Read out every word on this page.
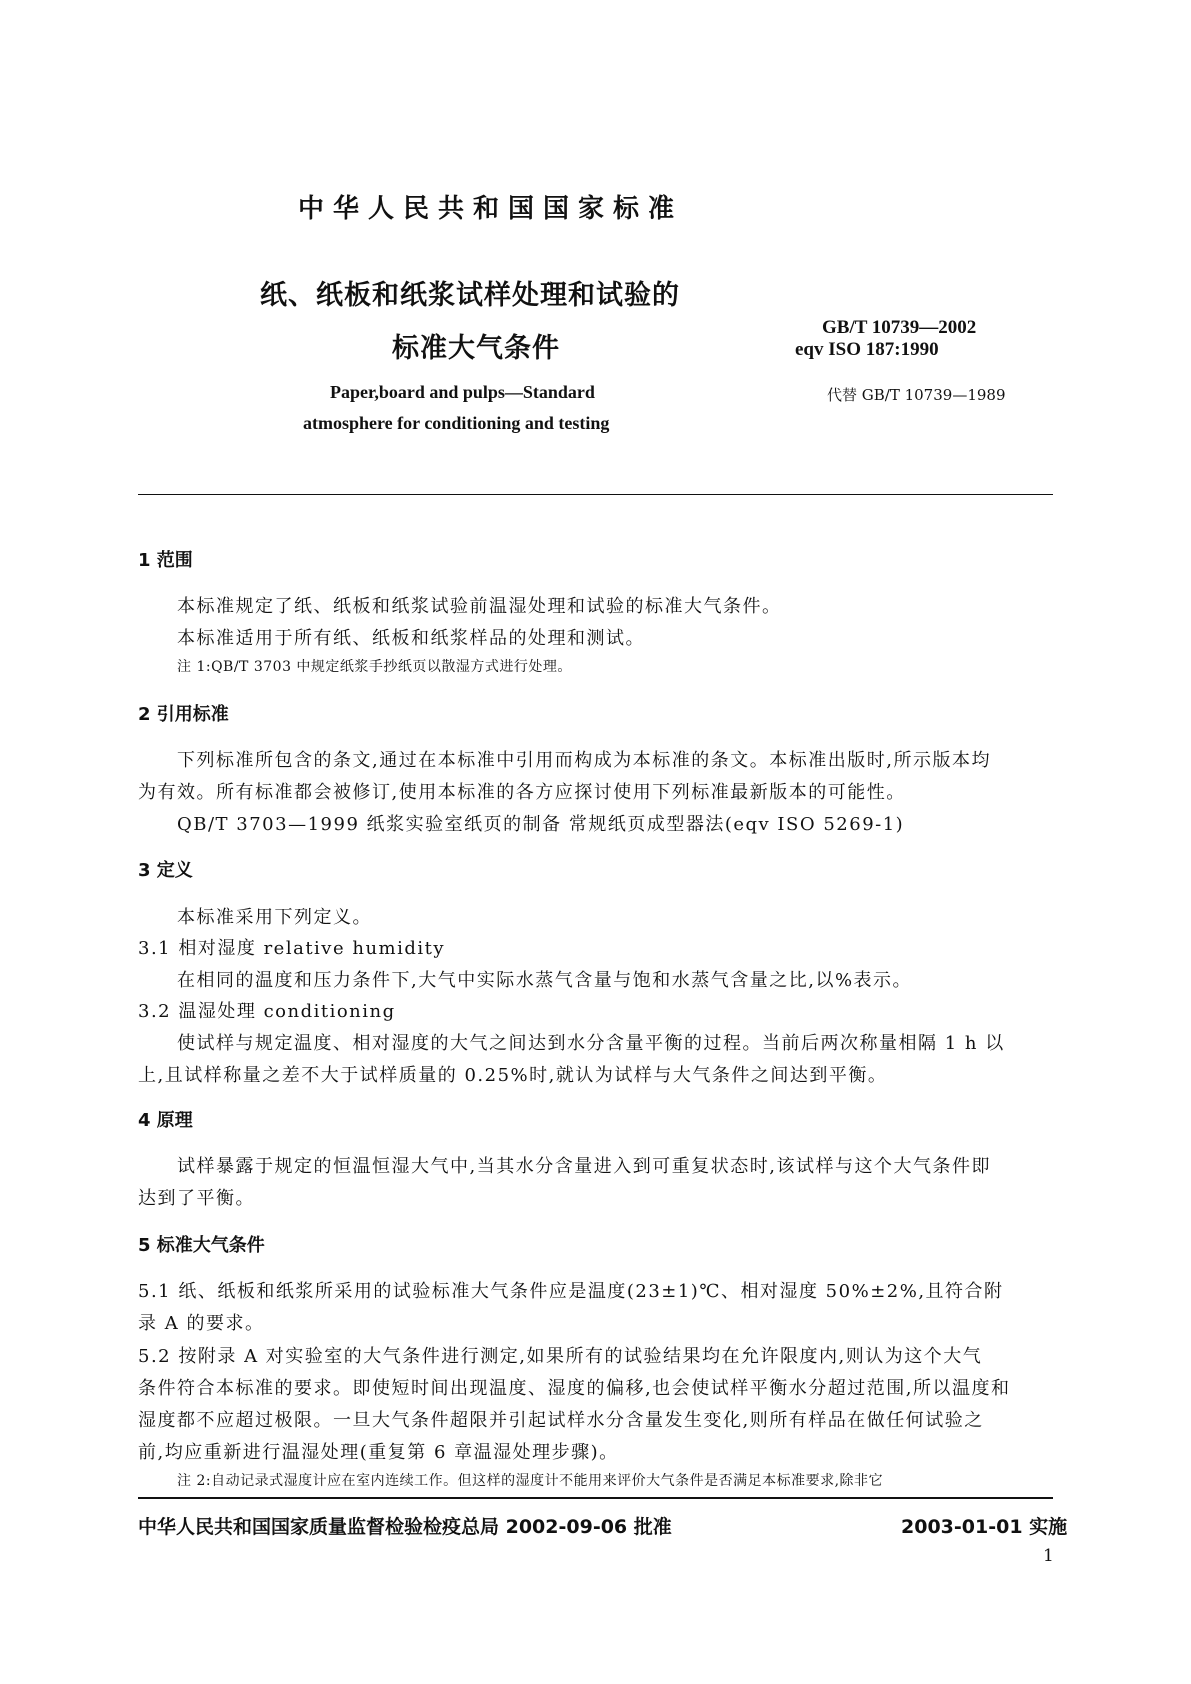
中华人民共和国国家标准
纸、纸板和纸浆试样处理和试验的
标准大气条件
GB/T 10739—2002
eqv ISO 187:1990
代替 GB/T 10739—1989
Paper,board and pulps—Standard
atmosphere for conditioning and testing
1 范围
本标准规定了纸、纸板和纸浆试验前温湿处理和试验的标准大气条件。
本标准适用于所有纸、纸板和纸浆样品的处理和测试。
注 1:QB/T 3703 中规定纸浆手抄纸页以散湿方式进行处理。
2 引用标准
下列标准所包含的条文,通过在本标准中引用而构成为本标准的条文。本标准出版时,所示版本均
为有效。所有标准都会被修订,使用本标准的各方应探讨使用下列标准最新版本的可能性。
QB/T 3703—1999 纸浆实验室纸页的制备 常规纸页成型器法(eqv ISO 5269-1)
3 定义
本标准采用下列定义。
3.1 相对湿度 relative humidity
在相同的温度和压力条件下,大气中实际水蒸气含量与饱和水蒸气含量之比,以%表示。
3.2 温湿处理 conditioning
使试样与规定温度、相对湿度的大气之间达到水分含量平衡的过程。当前后两次称量相隔 1 h 以
上,且试样称量之差不大于试样质量的 0.25%时,就认为试样与大气条件之间达到平衡。
4 原理
试样暴露于规定的恒温恒湿大气中,当其水分含量进入到可重复状态时,该试样与这个大气条件即
达到了平衡。
5 标准大气条件
5.1 纸、纸板和纸浆所采用的试验标准大气条件应是温度(23±1)℃、相对湿度 50%±2%,且符合附
录 A 的要求。
5.2 按附录 A 对实验室的大气条件进行测定,如果所有的试验结果均在允许限度内,则认为这个大气
条件符合本标准的要求。即使短时间出现温度、湿度的偏移,也会使试样平衡水分超过范围,所以温度和
湿度都不应超过极限。一旦大气条件超限并引起试样水分含量发生变化,则所有样品在做任何试验之
前,均应重新进行温湿处理(重复第 6 章温湿处理步骤)。
注 2:自动记录式湿度计应在室内连续工作。但这样的湿度计不能用来评价大气条件是否满足本标准要求,除非它
中华人民共和国国家质量监督检验检疫总局 2002-09-06 批准	2003-01-01 实施
1
